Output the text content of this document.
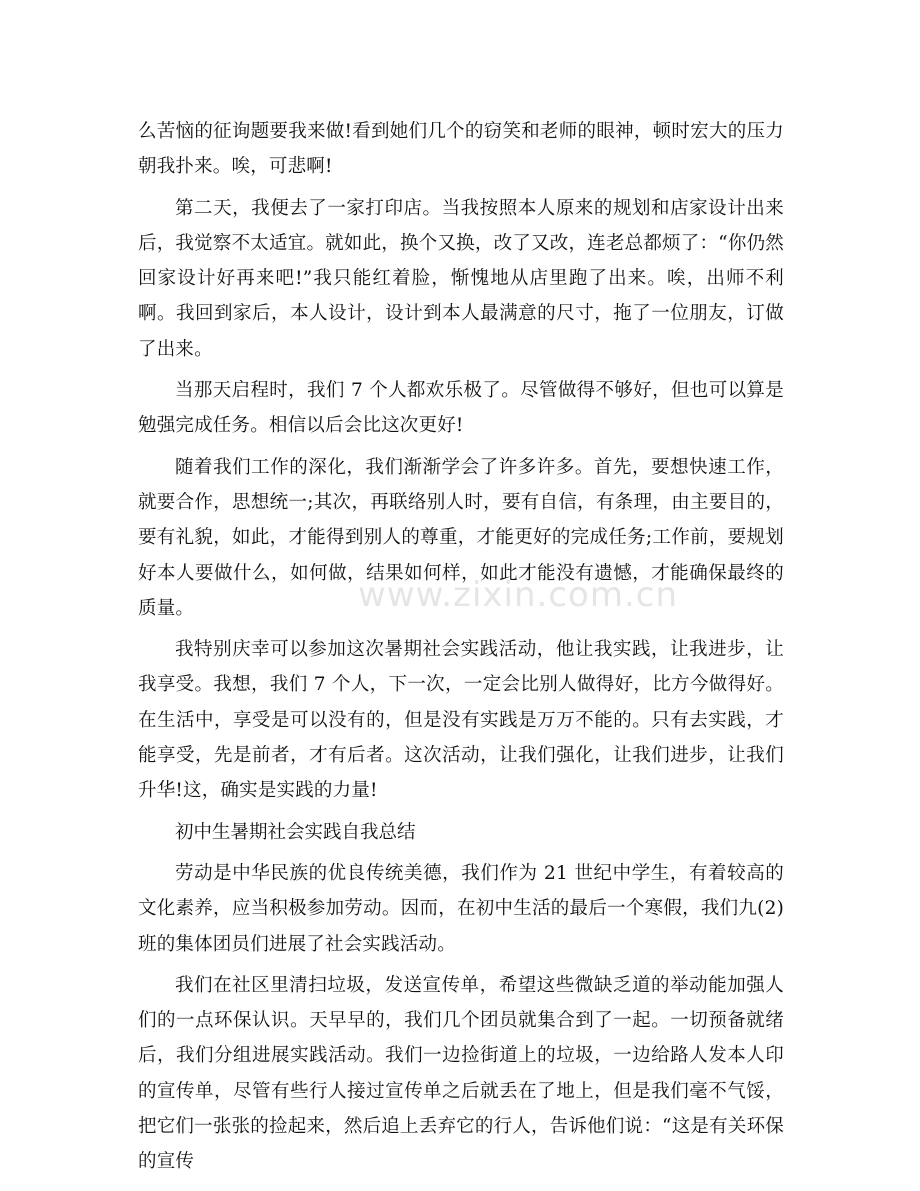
么苦恼的征询题要我来做!看到她们几个的窃笑和老师的眼神，顿时宏大的压力朝我扑来。唉，可悲啊!

第二天，我便去了一家打印店。当我按照本人原来的规划和店家设计出来后，我觉察不太适宜。就如此，换个又换，改了又改，连老总都烦了：“你仍然回家设计好再来吧!”我只能红着脸，惭愧地从店里跑了出来。唉，出师不利啊。我回到家后，本人设计，设计到本人最满意的尺寸，拖了一位朋友，订做了出来。

当那天启程时，我们 7 个人都欢乐极了。尽管做得不够好，但也可以算是勉强完成任务。相信以后会比这次更好!

随着我们工作的深化，我们渐渐学会了许多许多。首先，要想快速工作，就要合作，思想统一;其次，再联络别人时，要有自信，有条理，由主要目的，要有礼貌，如此，才能得到别人的尊重，才能更好的完成任务;工作前，要规划好本人要做什么，如何做，结果如何样，如此才能没有遗憾，才能确保最终的质量。

我特别庆幸可以参加这次暑期社会实践活动，他让我实践，让我进步，让我享受。我想，我们 7 个人，下一次，一定会比别人做得好，比方今做得好。在生活中，享受是可以没有的，但是没有实践是万万不能的。只有去实践，才能享受，先是前者，才有后者。这次活动，让我们强化，让我们进步，让我们升华!这，确实是实践的力量!

初中生暑期社会实践自我总结

劳动是中华民族的优良传统美德，我们作为 21 世纪中学生，有着较高的文化素养，应当积极参加劳动。因而，在初中生活的最后一个寒假，我们九(2)班的集体团员们进展了社会实践活动。

我们在社区里清扫垃圾，发送宣传单，希望这些微缺乏道的举动能加强人们的一点环保认识。天早早的，我们几个团员就集合到了一起。一切预备就绪后，我们分组进展实践活动。我们一边捡街道上的垃圾，一边给路人发本人印的宣传单，尽管有些行人接过宣传单之后就丢在了地上，但是我们毫不气馁，把它们一张张的捡起来，然后追上丢弃它的行人，告诉他们说：“这是有关环保的宣传

www.zixin.com.cn
